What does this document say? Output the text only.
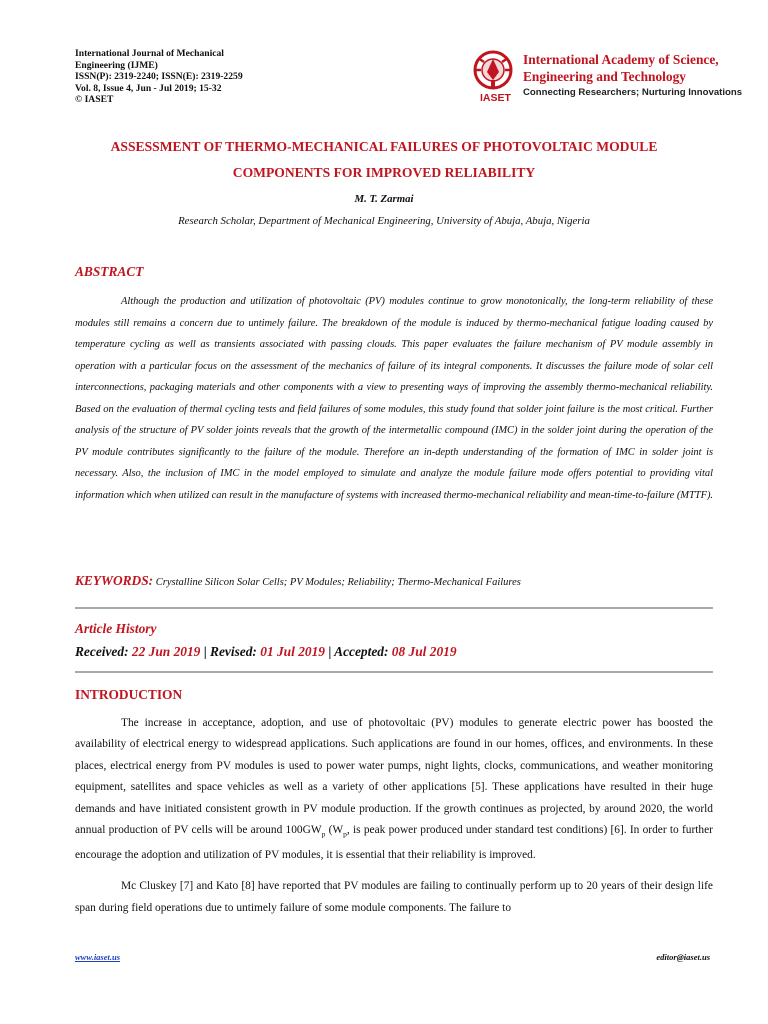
International Journal of Mechanical
Engineering (IJME)
ISSN(P): 2319-2240; ISSN(E): 2319-2259
Vol. 8, Issue 4, Jun - Jul 2019; 15-32
© IASET	IASET
International Academy of Science,
Engineering and Technology
Connecting Researchers; Nurturing Innovations
ASSESSMENT OF THERMO-MECHANICAL FAILURES OF PHOTOVOLTAIC MODULE
COMPONENTS FOR IMPROVED RELIABILITY
M. T. Zarmai
Research Scholar, Department of Mechanical Engineering, University of Abuja, Abuja, Nigeria
ABSTRACT
Although the production and utilization of photovoltaic (PV) modules continue to grow monotonically, the long-term reliability of these modules still remains a concern due to untimely failure. The breakdown of the module is induced by thermo-mechanical fatigue loading caused by temperature cycling as well as transients associated with passing clouds. This paper evaluates the failure mechanism of PV module assembly in operation with a particular focus on the assessment of the mechanics of failure of its integral components. It discusses the failure mode of solar cell interconnections, packaging materials and other components with a view to presenting ways of improving the assembly thermo-mechanical reliability. Based on the evaluation of thermal cycling tests and field failures of some modules, this study found that solder joint failure is the most critical. Further analysis of the structure of PV solder joints reveals that the growth of the intermetallic compound (IMC) in the solder joint during the operation of the PV module contributes significantly to the failure of the module. Therefore an in-depth understanding of the formation of IMC in solder joint is necessary. Also, the inclusion of IMC in the model employed to simulate and analyze the module failure mode offers potential to providing vital information which when utilized can result in the manufacture of systems with increased thermo-mechanical reliability and mean-time-to-failure (MTTF).
KEYWORDS: Crystalline Silicon Solar Cells; PV Modules; Reliability; Thermo-Mechanical Failures
Article History
Received: 22 Jun 2019 | Revised: 01 Jul 2019 | Accepted: 08 Jul 2019
INTRODUCTION

The increase in acceptance, adoption, and use of photovoltaic (PV) modules to generate electric power has boosted the availability of electrical energy to widespread applications. Such applications are found in our homes, offices, and environments. In these places, electrical energy from PV modules is used to power water pumps, night lights, clocks, communications, and weather monitoring equipment, satellites and space vehicles as well as a variety of other applications [5]. These applications have resulted in their huge demands and have initiated consistent growth in PV module production. If the growth continues as projected, by around 2020, the world annual production of PV cells will be around $100GW_p$ ($W_p$, is peak power produced under standard test conditions) [6]. In order to further encourage the adoption and utilization of PV modules, it is essential that their reliability is improved.

Mc Cluskey [7] and Kato [8] have reported that PV modules are failing to continually perform up to 20 years of their design life span during field operations due to untimely failure of some module components. The failure to

www.iaset.us	editor@iaset.us
